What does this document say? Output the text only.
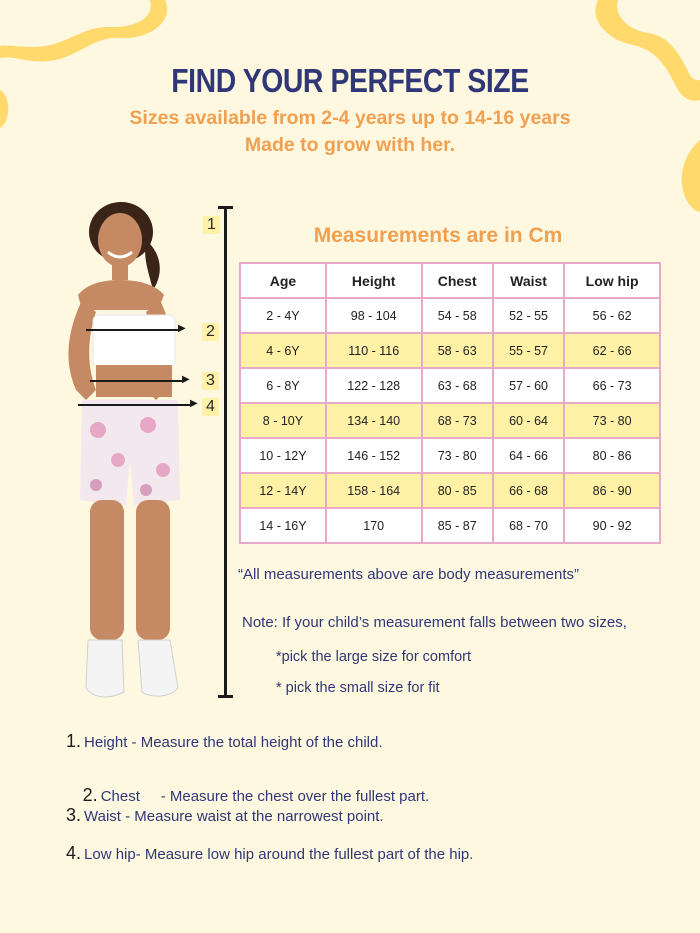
FIND YOUR PERFECT SIZE
Sizes available from 2-4 years up to 14-16 years
Made to grow with her.
▶
▶
▶
1
2
3
4
Measurements are in Cm
Age	Height	Chest	Waist	Low hip
2 - 4Y	98 - 104	54 - 58	52 - 55	56 - 62
4 - 6Y	110 - 116	58 - 63	55 - 57	62 - 66
6 - 8Y	122 - 128	63 - 68	57 - 60	66 - 73
8 - 10Y	134 - 140	68 - 73	60 - 64	73 - 80
10 - 12Y	146 - 152	73 - 80	64 - 66	80 - 86
12 - 14Y	158 - 164	80 - 85	66 - 68	86 - 90
14 - 16Y	170	85 - 87	68 - 70	90 - 92
“All measurements above are body measurements”
Note: If your child’s measurement falls between two sizes,
*pick the large size for comfort
* pick the small size for fit
1. Height - Measure the total height of the child.

2. Chest     - Measure the chest over the fullest part.

3. Waist - Measure waist at the narrowest point.
4. Low hip- Measure low hip around the fullest part of the hip.
